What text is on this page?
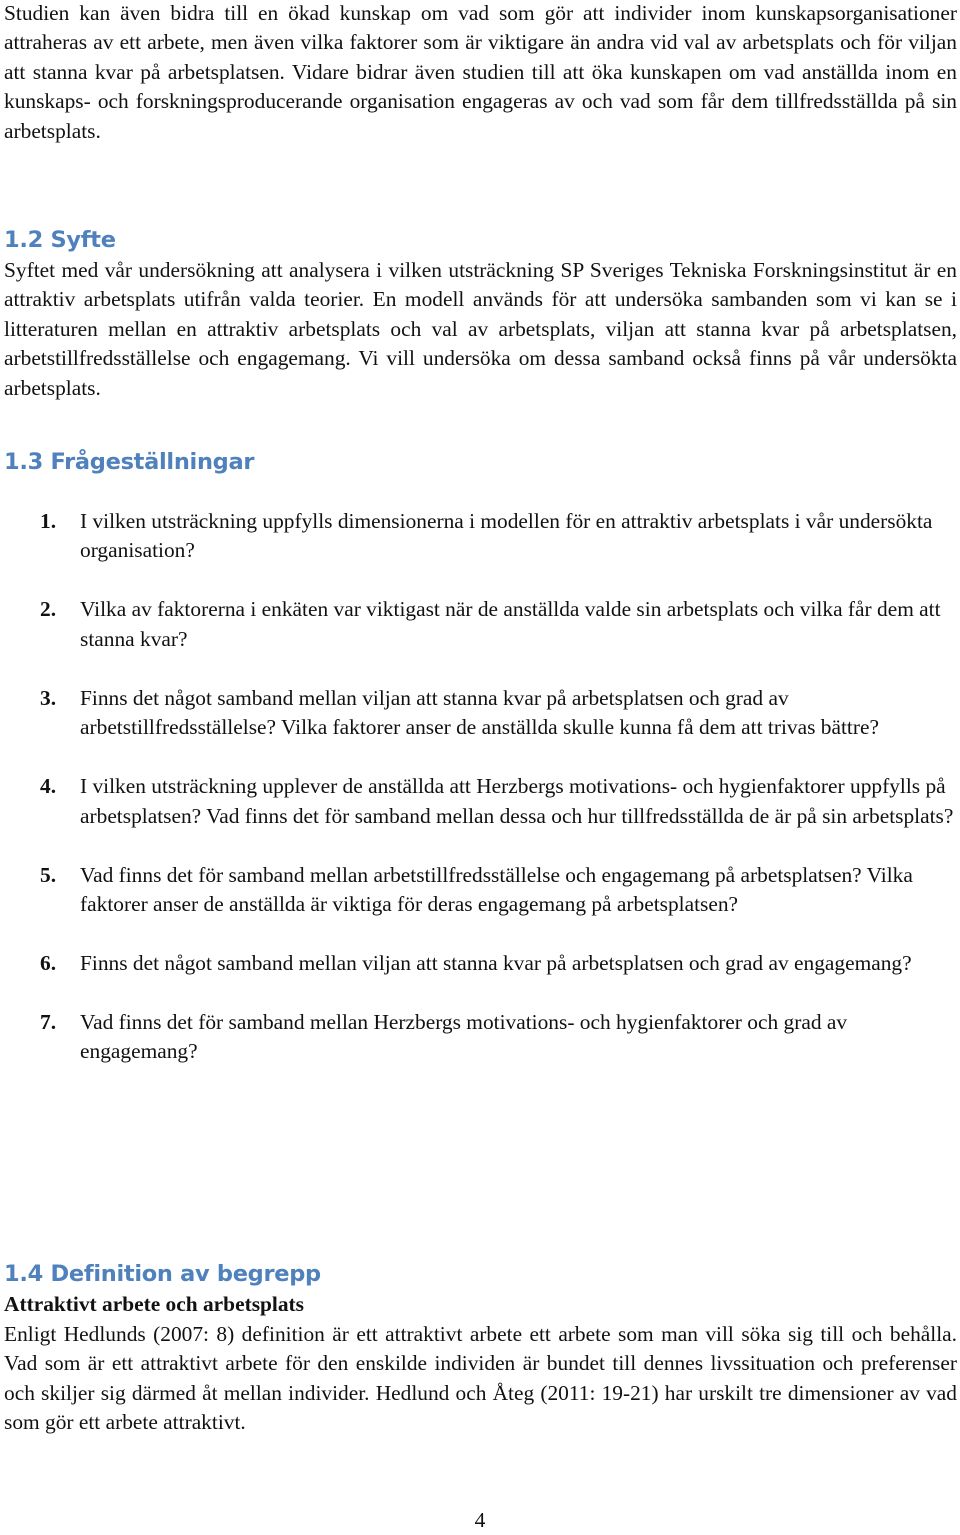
Studien kan även bidra till en ökad kunskap om vad som gör att individer inom kunskapsorganisationer attraheras av ett arbete, men även vilka faktorer som är viktigare än andra vid val av arbetsplats och för viljan att stanna kvar på arbetsplatsen. Vidare bidrar även studien till att öka kunskapen om vad anställda inom en kunskaps- och forskningsproducerande organisation engageras av och vad som får dem tillfredsställda på sin arbetsplats.

1.2 Syfte

Syftet med vår undersökning att analysera i vilken utsträckning SP Sveriges Tekniska Forskningsinstitut är en attraktiv arbetsplats utifrån valda teorier. En modell används för att undersöka sambanden som vi kan se i litteraturen mellan en attraktiv arbetsplats och val av arbetsplats, viljan att stanna kvar på arbetsplatsen, arbetstillfredsställelse och engagemang. Vi vill undersöka om dessa samband också finns på vår undersökta arbetsplats.

1.3 Frågeställningar
1. I vilken utsträckning uppfylls dimensionerna i modellen för en attraktiv arbetsplats i vår undersökta organisation?
2. Vilka av faktorerna i enkäten var viktigast när de anställda valde sin arbetsplats och vilka får dem att stanna kvar?
3. Finns det något samband mellan viljan att stanna kvar på arbetsplatsen och grad av arbetstillfredsställelse? Vilka faktorer anser de anställda skulle kunna få dem att trivas bättre?
4. I vilken utsträckning upplever de anställda att Herzbergs motivations- och hygienfaktorer uppfylls på arbetsplatsen? Vad finns det för samband mellan dessa och hur tillfredsställda de är på sin arbetsplats?
5. Vad finns det för samband mellan arbetstillfredsställelse och engagemang på arbetsplatsen? Vilka faktorer anser de anställda är viktiga för deras engagemang på arbetsplatsen?
6. Finns det något samband mellan viljan att stanna kvar på arbetsplatsen och grad av engagemang?
7. Vad finns det för samband mellan Herzbergs motivations- och hygienfaktorer och grad av engagemang?
1.4 Definition av begrepp
Attraktivt arbete och arbetsplats

Enligt Hedlunds (2007: 8) definition är ett attraktivt arbete ett arbete som man vill söka sig till och behålla. Vad som är ett attraktivt arbete för den enskilde individen är bundet till dennes livssituation och preferenser och skiljer sig därmed åt mellan individer. Hedlund och Åteg (2011: 19-21) har urskilt tre dimensioner av vad som gör ett arbete attraktivt.

4
